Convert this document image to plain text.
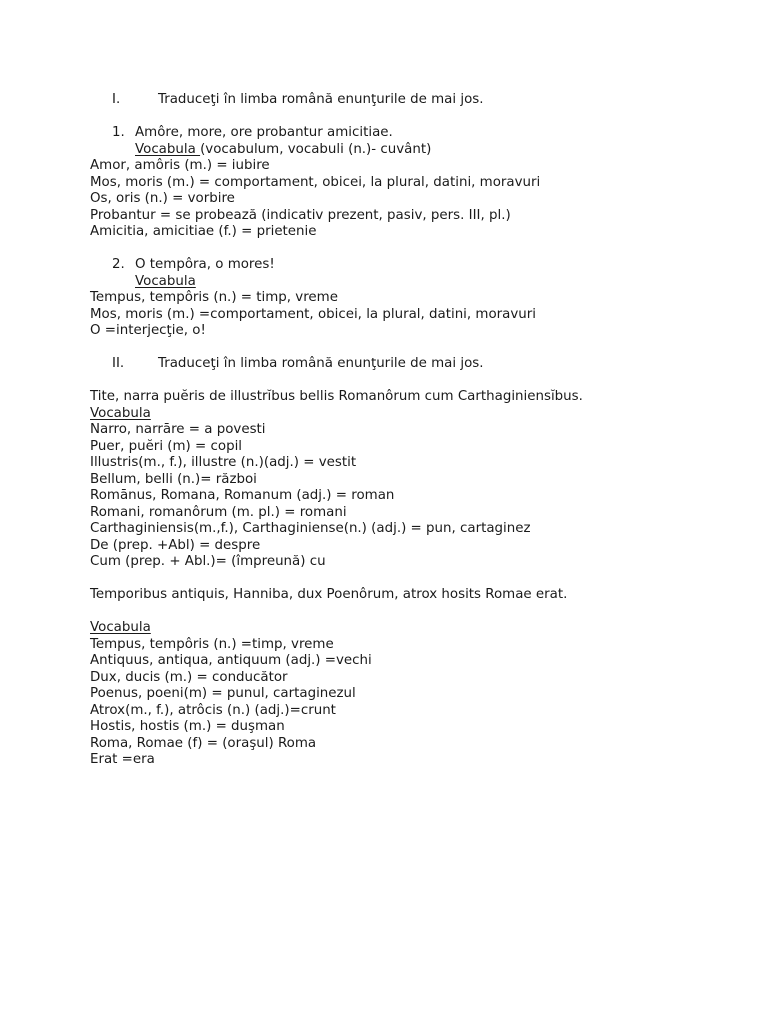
I.	Traduceţi în limba română enunţurile de mai jos.
1. Amôre, more, ore probantur amicitiae.
Vocabula (vocabulum, vocabuli (n.)- cuvânt)
Amor, amôris (m.) = iubire
Mos, moris (m.) = comportament, obicei, la plural, datini, moravuri
Os, oris (n.) = vorbire
Probantur = se probează (indicativ prezent, pasiv, pers. III, pl.)
Amicitia, amicitiae (f.) = prietenie
2. O tempôra, o mores!
Vocabula
Tempus, tempôris (n.) = timp, vreme
Mos, moris (m.) =comportament, obicei, la plural, datini, moravuri
O =interjecţie, o!
II.	Traduceţi în limba română enunţurile de mai jos.
Tite, narra puĕris de illustrĭbus bellis Romanôrum cum Carthaginiensĭbus.
Vocabula
Narro, narrāre = a povesti
Puer, puĕri (m) = copil
Illustris(m., f.), illustre (n.)(adj.) = vestit
Bellum, belli (n.)= război
Romānus, Romana, Romanum (adj.) = roman
Romani, romanôrum (m. pl.) = romani
Carthaginiensis(m.,f.), Carthaginiense(n.) (adj.) = pun, cartaginez
De (prep. +Abl) = despre
Cum (prep. + Abl.)= (împreună) cu
Temporibus antiquis, Hanniba, dux Poenôrum, atrox hosits Romae erat.
Vocabula
Tempus, tempôris (n.) =timp, vreme
Antiquus, antiqua, antiquum (adj.) =vechi
Dux, ducis (m.) = conducător
Poenus, poeni(m) = punul, cartaginezul
Atrox(m., f.), atrôcis (n.) (adj.)=crunt
Hostis, hostis (m.) = duşman
Roma, Romae (f) = (oraşul) Roma
Erat =era
